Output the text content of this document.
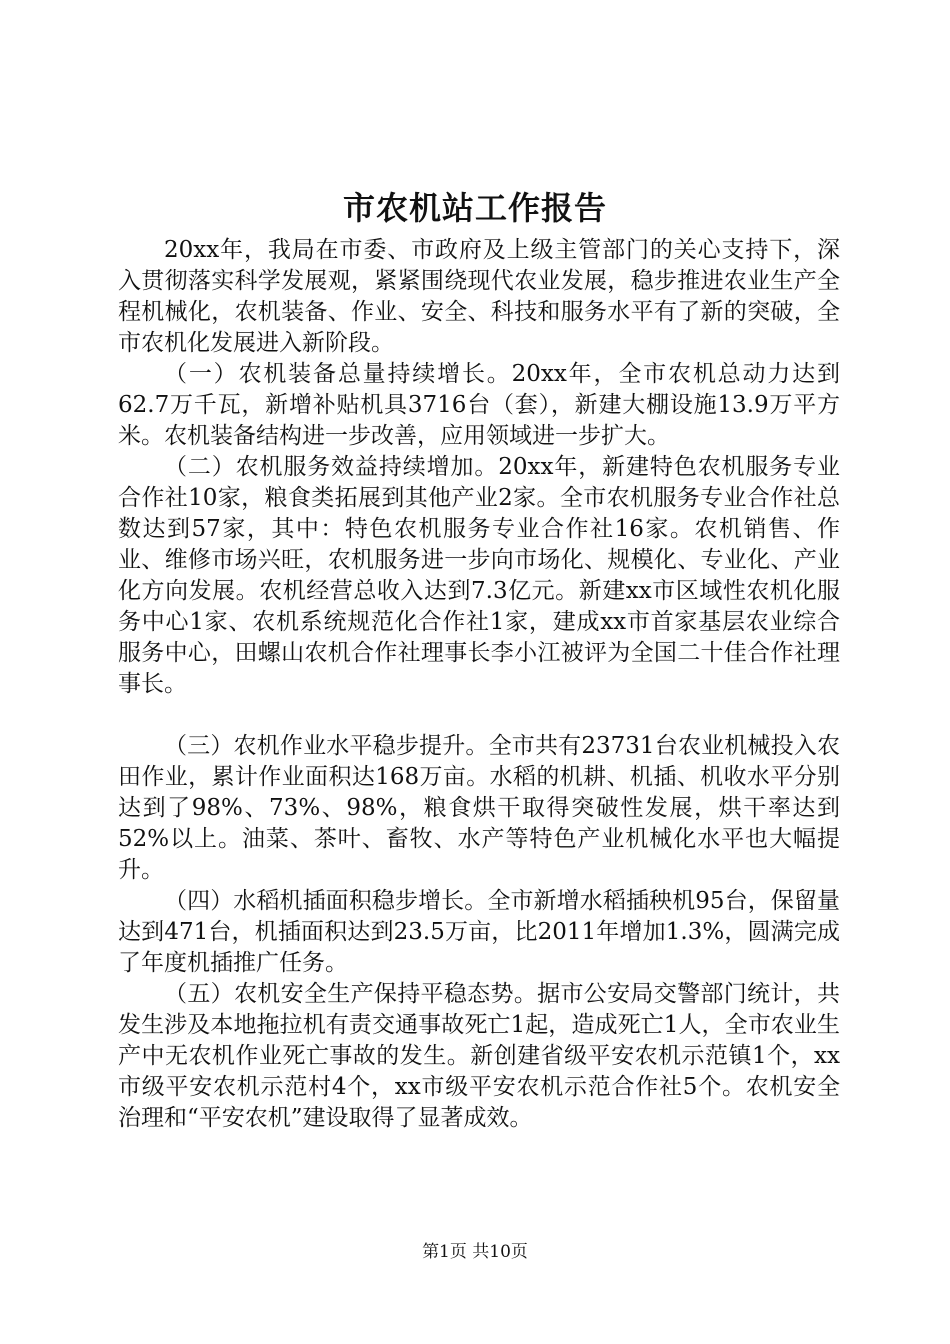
市农机站工作报告

20xx年，我局在市委、市政府及上级主管部门的关心支持下，深入贯彻落实科学发展观，紧紧围绕现代农业发展，稳步推进农业生产全程机械化，农机装备、作业、安全、科技和服务水平有了新的突破，全市农机化发展进入新阶段。

（一）农机装备总量持续增长。20xx年，全市农机总动力达到62.7万千瓦，新增补贴机具3716台（套），新建大棚设施13.9万平方米。农机装备结构进一步改善，应用领域进一步扩大。

（二）农机服务效益持续增加。20xx年，新建特色农机服务专业合作社10家，粮食类拓展到其他产业2家。全市农机服务专业合作社总数达到57家，其中：特色农机服务专业合作社16家。农机销售、作业、维修市场兴旺，农机服务进一步向市场化、规模化、专业化、产业化方向发展。农机经营总收入达到7.3亿元。新建xx市区域性农机化服务中心1家、农机系统规范化合作社1家，建成xx市首家基层农业综合服务中心，田螺山农机合作社理事长李小江被评为全国二十佳合作社理事长。

（三）农机作业水平稳步提升。全市共有23731台农业机械投入农田作业，累计作业面积达168万亩。水稻的机耕、机插、机收水平分别达到了98%、73%、98%，粮食烘干取得突破性发展，烘干率达到52%以上。油菜、茶叶、畜牧、水产等特色产业机械化水平也大幅提升。

（四）水稻机插面积稳步增长。全市新增水稻插秧机95台，保留量达到471台，机插面积达到23.5万亩，比2011年增加1.3%，圆满完成了年度机插推广任务。

（五）农机安全生产保持平稳态势。据市公安局交警部门统计，共发生涉及本地拖拉机有责交通事故死亡1起，造成死亡1人，全市农业生产中无农机作业死亡事故的发生。新创建省级平安农机示范镇1个，xx市级平安农机示范村4个，xx市级平安农机示范合作社5个。农机安全治理和“平安农机”建设取得了显著成效。

第1页 共10页
